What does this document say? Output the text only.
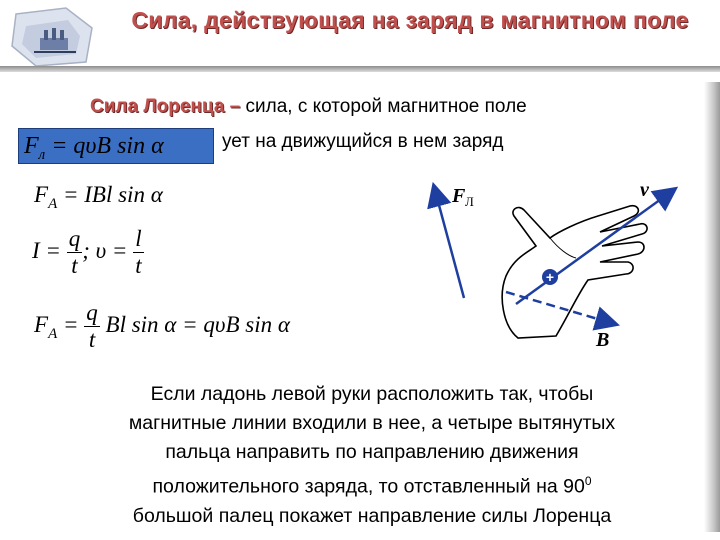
Сила, действующая на заряд в магнитном поле
Сила Лоренца – сила, с которой магнитное поле
ует на движущийся в нем заряд
$F_л = q\upsilon B$ sin α
$F_A$ = IBl sin α
$I = \frac{q}{t}$ ; $\upsilon = \frac{l}{t}$
$F_A = \frac{q}{t}$ Bl sin α = qυB sin α
+
F Л
v
B
Если ладонь левой руки расположить так, чтобы
магнитные линии входили в нее, а четыре вытянутых
пальца направить по направлению движения
положительного заряда, то отставленный на $90^0$
большой палец покажет направление силы Лоренца
